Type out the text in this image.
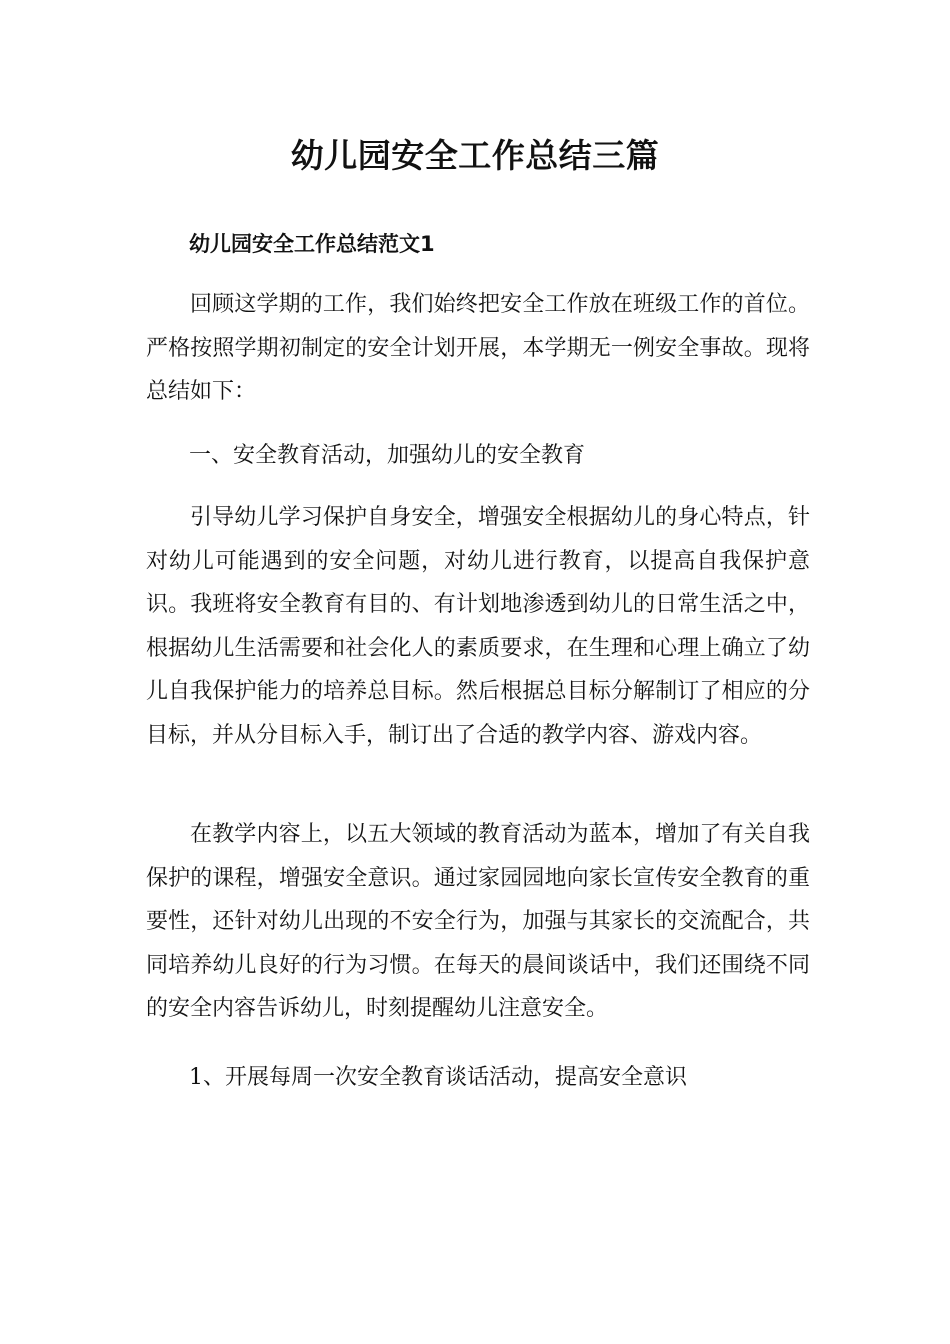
幼儿园安全工作总结三篇
幼儿园安全工作总结范文1

回顾这学期的工作，我们始终把安全工作放在班级工作的首位。严格按照学期初制定的安全计划开展，本学期无一例安全事故。现将总结如下：

一、安全教育活动，加强幼儿的安全教育

引导幼儿学习保护自身安全，增强安全根据幼儿的身心特点，针对幼儿可能遇到的安全问题，对幼儿进行教育，以提高自我保护意识。我班将安全教育有目的、有计划地渗透到幼儿的日常生活之中，根据幼儿生活需要和社会化人的素质要求，在生理和心理上确立了幼儿自我保护能力的培养总目标。然后根据总目标分解制订了相应的分目标，并从分目标入手，制订出了合适的教学内容、游戏内容。

在教学内容上，以五大领域的教育活动为蓝本，增加了有关自我保护的课程，增强安全意识。通过家园园地向家长宣传安全教育的重要性，还针对幼儿出现的不安全行为，加强与其家长的交流配合，共同培养幼儿良好的行为习惯。在每天的晨间谈话中，我们还围绕不同的安全内容告诉幼儿，时刻提醒幼儿注意安全。

1、开展每周一次安全教育谈话活动，提高安全意识
